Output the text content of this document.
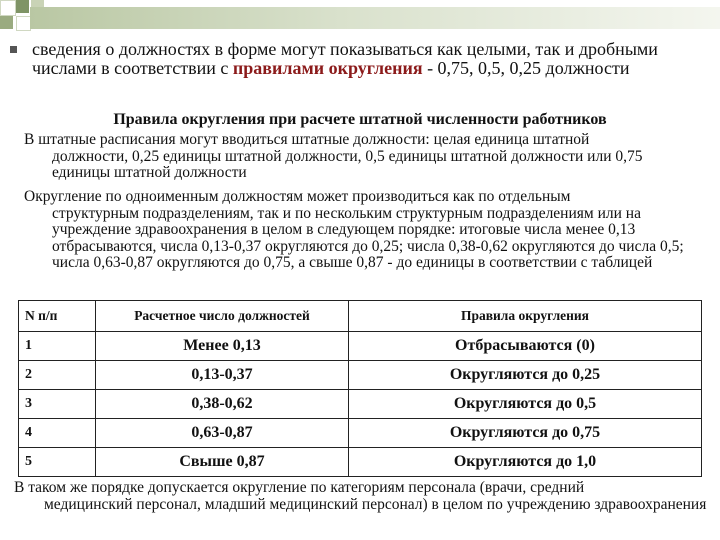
сведения о должностях в форме могут показываться как целыми, так и дробными числами в соответствии с правилами округления - 0,75, 0,5, 0,25 должности
Правила округления при расчете штатной численности работников
В штатные расписания могут вводиться штатные должности: целая единица штатной
должности, 0,25 единицы штатной должности, 0,5 единицы штатной должности или 0,75 единицы штатной должности
Округление по одноименным должностям может производиться как по отдельным
структурным подразделениям, так и по нескольким структурным подразделениям или на учреждение здравоохранения в целом в следующем порядке: итоговые числа менее 0,13 отбрасываются, числа 0,13-0,37 округляются до 0,25; числа 0,38-0,62 округляются до числа 0,5; числа 0,63-0,87 округляются до 0,75, а свыше 0,87 - до единицы в соответствии с таблицей
N п/п	Расчетное число должностей	Правила округления
1	Менее 0,13	Отбрасываются (0)
2	0,13-0,37	Округляются до 0,25
3	0,38-0,62	Округляются до 0,5
4	0,63-0,87	Округляются до 0,75
5	Свыше 0,87	Округляются до 1,0
В таком же порядке допускается округление по категориям персонала (врачи, средний
медицинский персонал, младший медицинский персонал) в целом по учреждению здравоохранения
